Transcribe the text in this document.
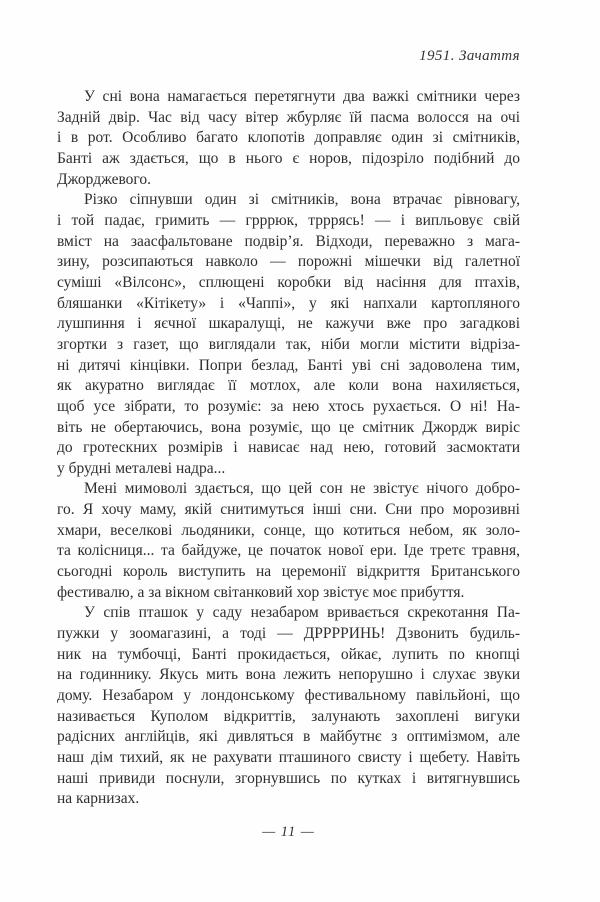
1951. Зачаття
У сні вона намагається перетягнути два важкі смітники через
Задній двір. Час від часу вітер жбурляє їй пасма волосся на очі
і в рот. Особливо багато клопотів доправляє один зі смітників,
Банті аж здається, що в нього є норов, підозріло подібний до
Джорджевого.
Різко сіпнувши один зі смітників, вона втрачає рівновагу,
і той падає, гримить — грррюк, трррясь! — і випльовує свій
вміст на заасфальтоване подвір’я. Відходи, переважно з мага-
зину, розсипаються навколо — порожні мішечки від галетної
суміші «Вілсонс», сплющені коробки від насіння для птахів,
бляшанки «Кітікету» і «Чаппі», у які напхали картопляного
лушпиння і яєчної шкаралущі, не кажучи вже про загадкові
згортки з газет, що виглядали так, ніби могли містити відріза-
ні дитячі кінцівки. Попри безлад, Банті уві сні задоволена тим,
як акуратно виглядає її мотлох, але коли вона нахиляється,
щоб усе зібрати, то розуміє: за нею хтось рухається. О ні! На-
віть не обертаючись, вона розуміє, що це смітник Джордж виріс
до гротескних розмірів і нависає над нею, готовий засмоктати
у брудні металеві надра...
Мені мимоволі здається, що цей сон не звістує нічого добро-
го. Я хочу маму, якій снитимуться інші сни. Сни про морозивні
хмари, веселкові льодяники, сонце, що котиться небом, як золо-
та колісниця... та байдуже, це початок нової ери. Іде третє травня,
сьогодні король виступить на церемонії відкриття Британського
фестивалю, а за вікном світанковий хор звістує моє прибуття.
У спів пташок у саду незабаром вривається скрекотання Па-
пужки у зоомагазині, а тоді — ДРРРРИНЬ! Дзвонить будиль-
ник на тумбочці, Банті прокидається, ойкає, лупить по кнопці
на годиннику. Якусь мить вона лежить непорушно і слухає звуки
дому. Незабаром у лондонському фестивальному павільйоні, що
називається Куполом відкриттів, залунають захоплені вигуки
радісних англійців, які дивляться в майбутнє з оптимізмом, але
наш дім тихий, як не рахувати пташиного свисту і щебету. Навіть
наші привиди поснули, згорнувшись по кутках і витягнувшись
на карнизах.
— 11 —
